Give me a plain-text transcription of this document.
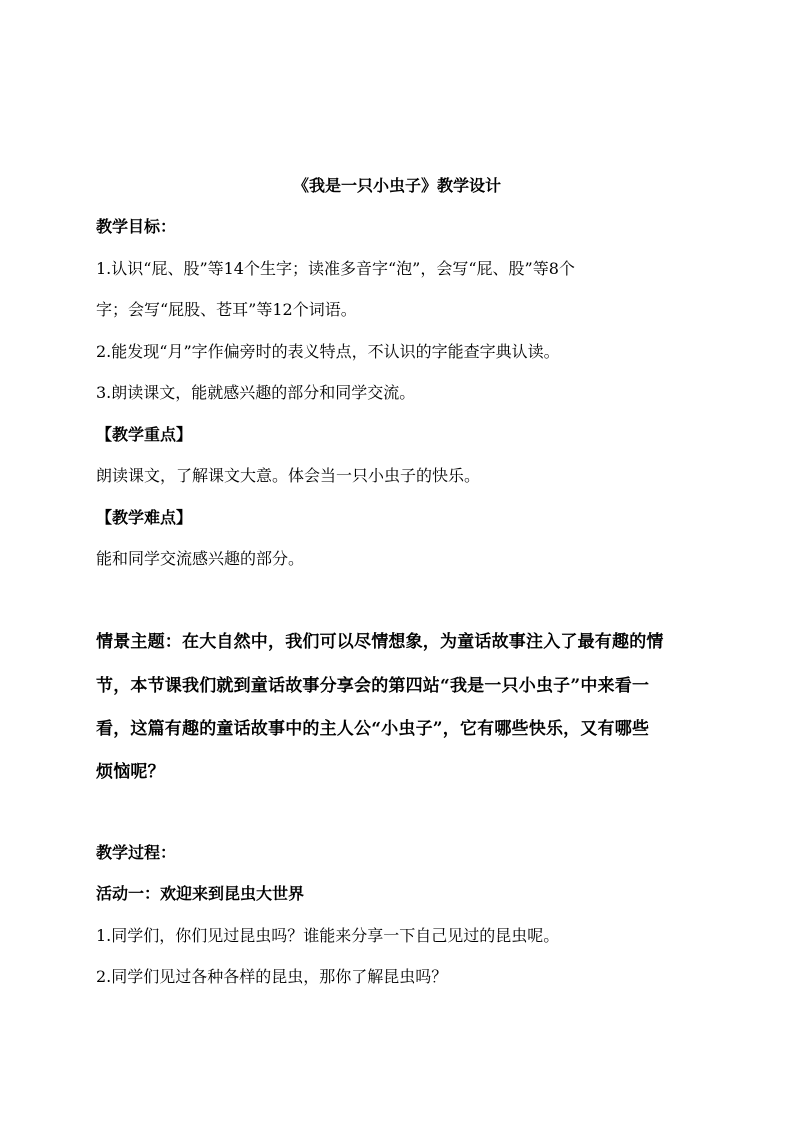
《我是一只小虫子》教学设计
教学目标：
1.认识“屁、股”等14个生字；读准多音字“泡”，会写“屁、股”等8个
字；会写“屁股、苍耳”等12个词语。
2.能发现“月”字作偏旁时的表义特点，不认识的字能查字典认读。
3.朗读课文，能就感兴趣的部分和同学交流。
【教学重点】
朗读课文，了解课文大意。体会当一只小虫子的快乐。
【教学难点】
能和同学交流感兴趣的部分。
情景主题：在大自然中，我们可以尽情想象，为童话故事注入了最有趣的情
节，本节课我们就到童话故事分享会的第四站“我是一只小虫子”中来看一
看，这篇有趣的童话故事中的主人公“小虫子”，它有哪些快乐，又有哪些
烦恼呢？
教学过程：
活动一：欢迎来到昆虫大世界
1.同学们，你们见过昆虫吗？谁能来分享一下自己见过的昆虫呢。
2.同学们见过各种各样的昆虫，那你了解昆虫吗？
